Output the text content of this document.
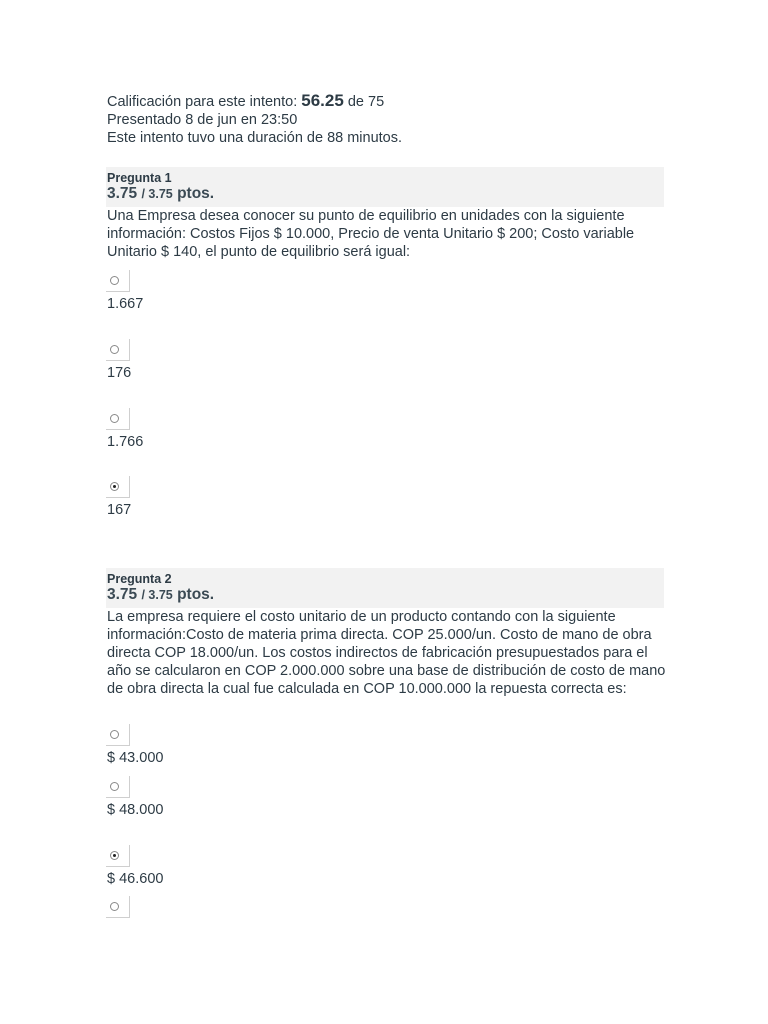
Calificación para este intento: 56.25 de 75
Presentado 8 de jun en 23:50
Este intento tuvo una duración de 88 minutos.
Pregunta 1
3.75 / 3.75 ptos.
Una Empresa desea conocer su punto de equilibrio en unidades con la siguiente información: Costos Fijos $ 10.000, Precio de venta Unitario $ 200; Costo variable Unitario $ 140, el punto de equilibrio será igual:
1.667
176
1.766
167
Pregunta 2
3.75 / 3.75 ptos.
La empresa requiere el costo unitario de un producto contando con la siguiente información:Costo de materia prima directa. COP 25.000/un. Costo de mano de obra directa COP 18.000/un. Los costos indirectos de fabricación presupuestados para el año se calcularon en COP 2.000.000 sobre una base de distribución de costo de mano de obra directa la cual fue calculada en COP 10.000.000 la repuesta correcta es:
$ 43.000
$ 48.000
$ 46.600
